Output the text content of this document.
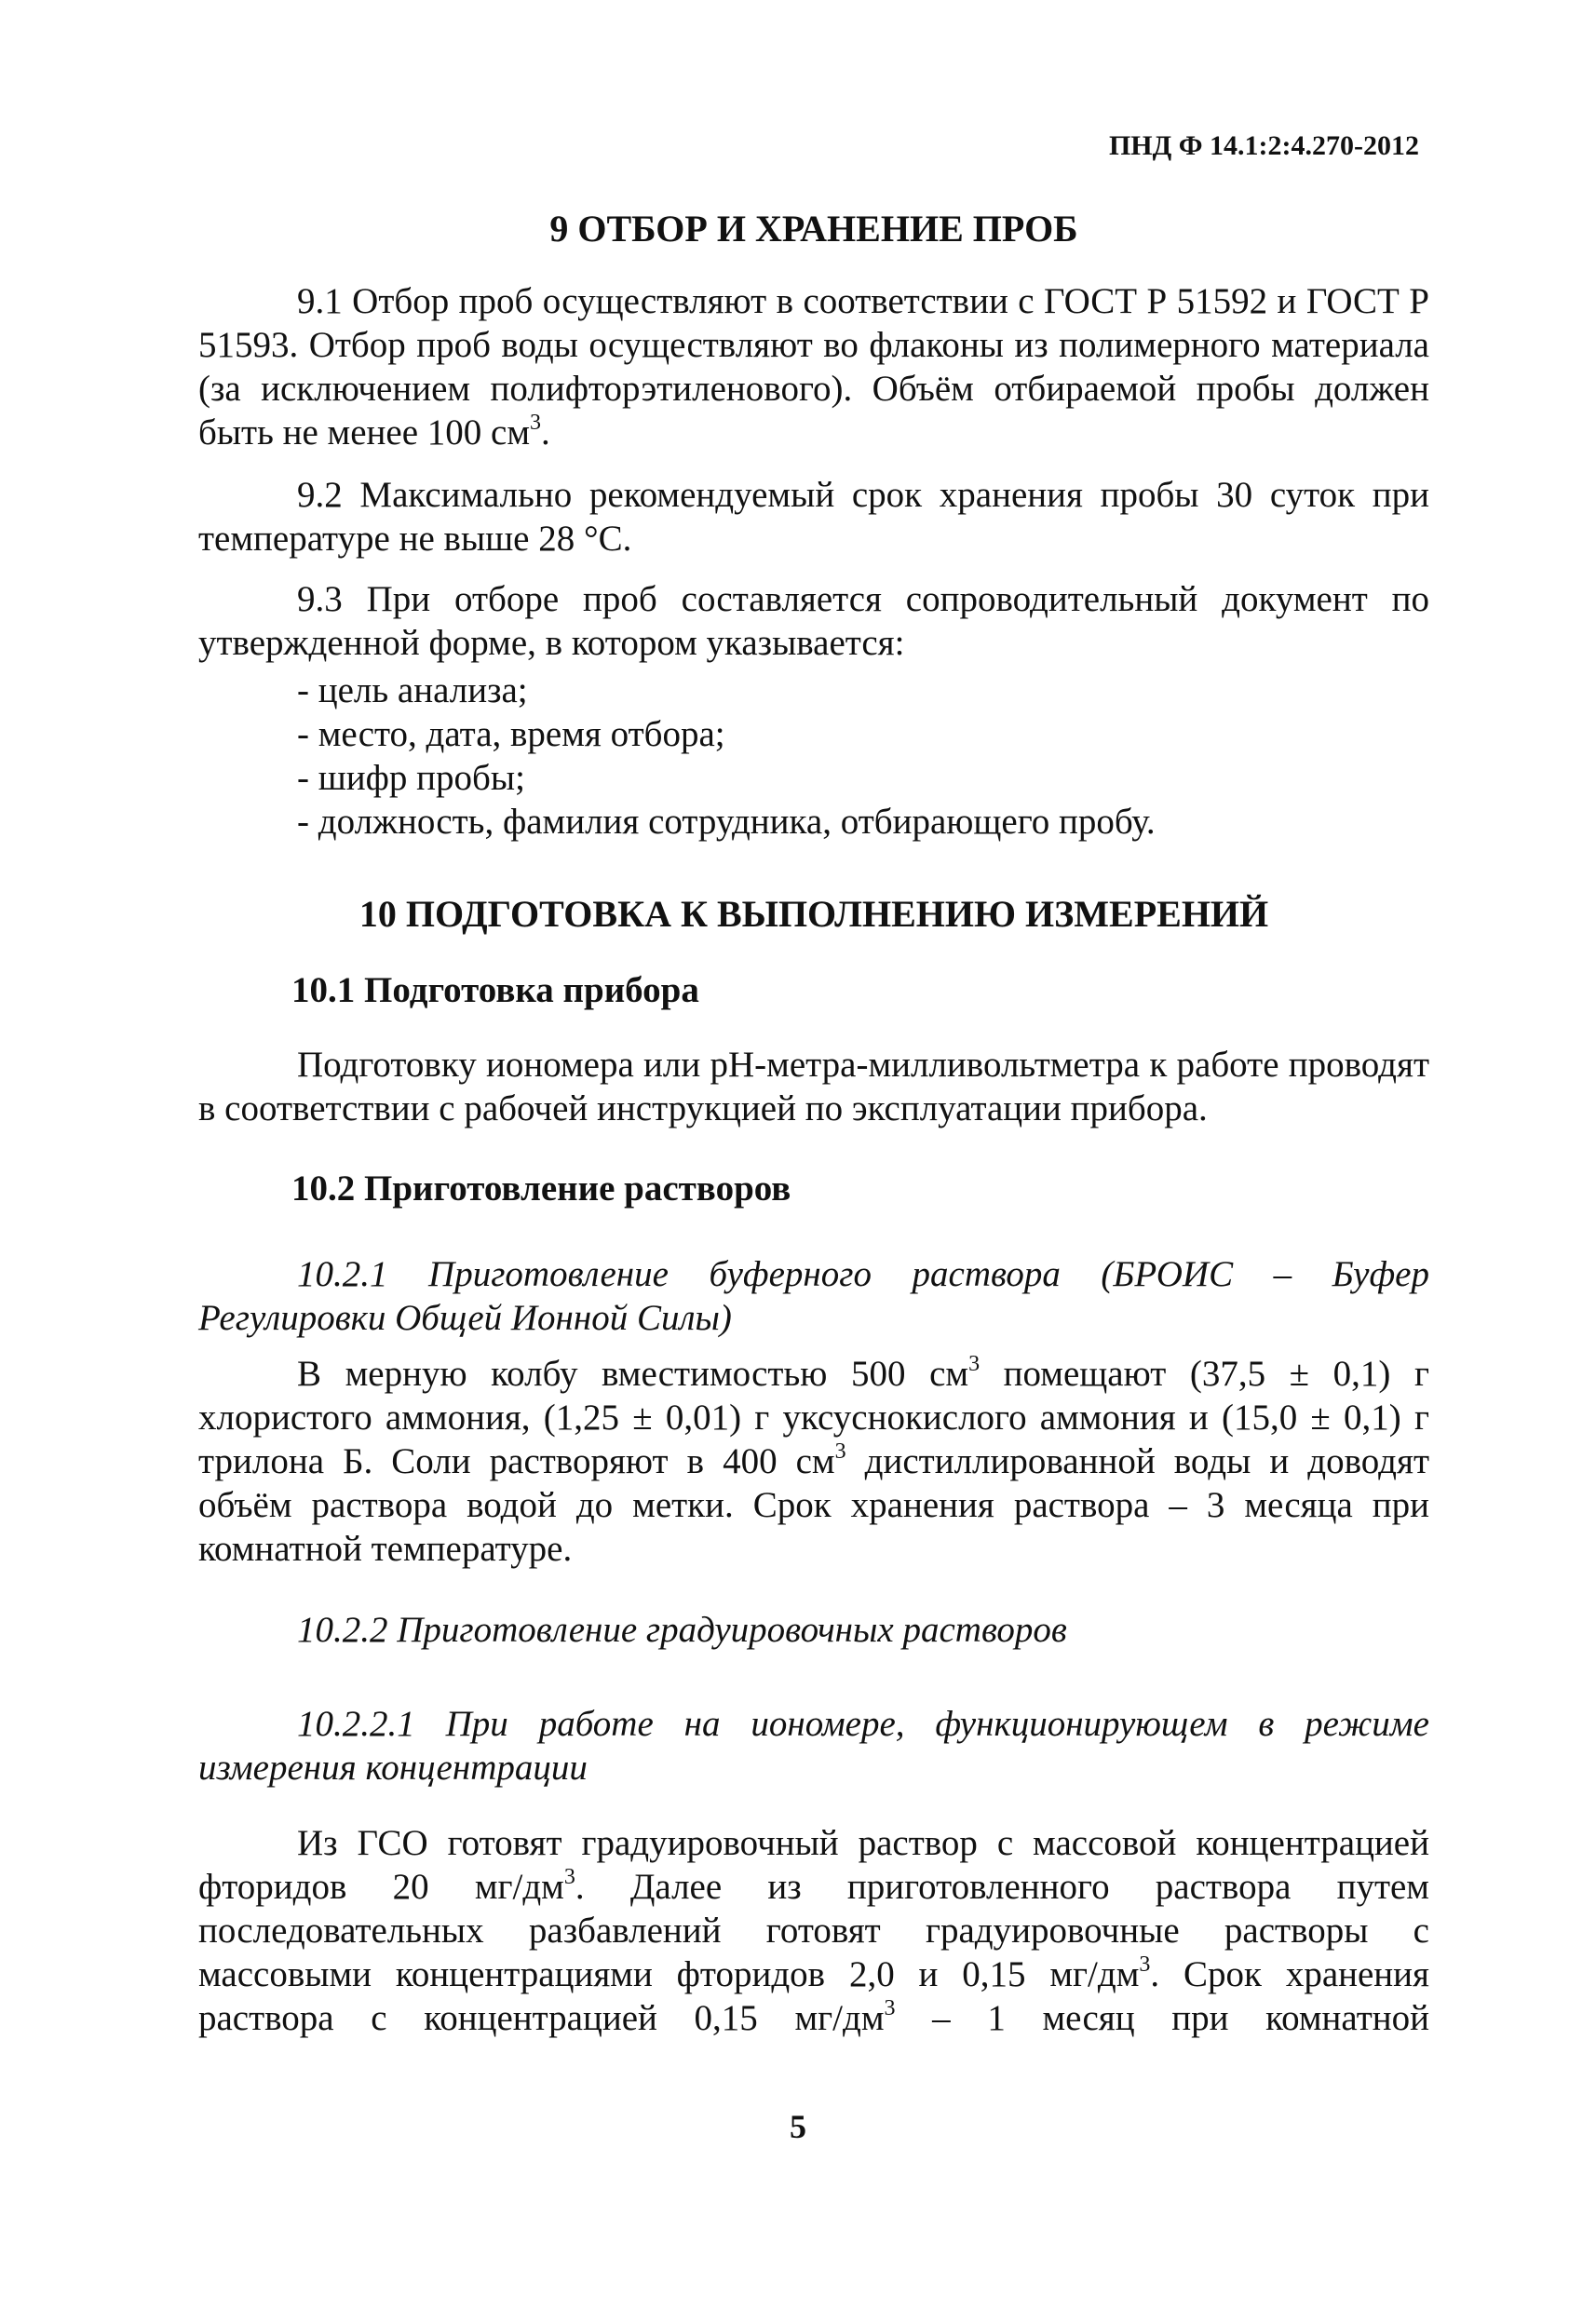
ПНД Ф 14.1:2:4.270-2012
9 ОТБОР И ХРАНЕНИЕ ПРОБ

9.1 Отбор проб осуществляют в соответствии с ГОСТ Р 51592 и ГОСТ Р 51593. Отбор проб воды осуществляют во флаконы из полимерного материала (за исключением полифторэтиленового). Объём отбираемой пробы должен быть не менее 100 $см^3$.

9.2 Максимально рекомендуемый срок хранения пробы 30 суток при температуре не выше 28 °С.

9.3 При отборе проб составляется сопроводительный документ по утвержденной форме, в котором указывается:

- цель анализа;
- место, дата, время отбора;
- шифр пробы;
- должность, фамилия сотрудника, отбирающего пробу.
10 ПОДГОТОВКА К ВЫПОЛНЕНИЮ ИЗМЕРЕНИЙ
10.1 Подготовка прибора

Подготовку иономера или рН-метра-милливольтметра к работе проводят в соответствии с рабочей инструкцией по эксплуатации прибора.

10.2 Приготовление растворов

10.2.1 Приготовление буферного раствора (БРОИС – Буфер Регулировки Общей Ионной Силы)

В мерную колбу вместимостью 500 $см^3$ помещают (37,5 ± 0,1) г хлористого аммония, (1,25 ± 0,01) г уксуснокислого аммония и (15,0 ± 0,1) г трилона Б. Соли растворяют в 400 $см^3$ дистиллированной воды и доводят объём раствора водой до метки. Срок хранения раствора – 3 месяца при комнатной температуре.

10.2.2 Приготовление градуировочных растворов

10.2.2.1 При работе на иономере, функционирующем в режиме измерения концентрации

Из ГСО готовят градуировочный раствор с массовой концентрацией фторидов 20 $мг/дм^3$. Далее из приготовленного раствора путем последовательных разбавлений готовят градуировочные растворы с массовыми концентрациями фторидов 2,0 и 0,15 $мг/дм^3$. Срок хранения раствора с концентрацией 0,15 $мг/дм^3 - 1$ месяц при комнатной

5
